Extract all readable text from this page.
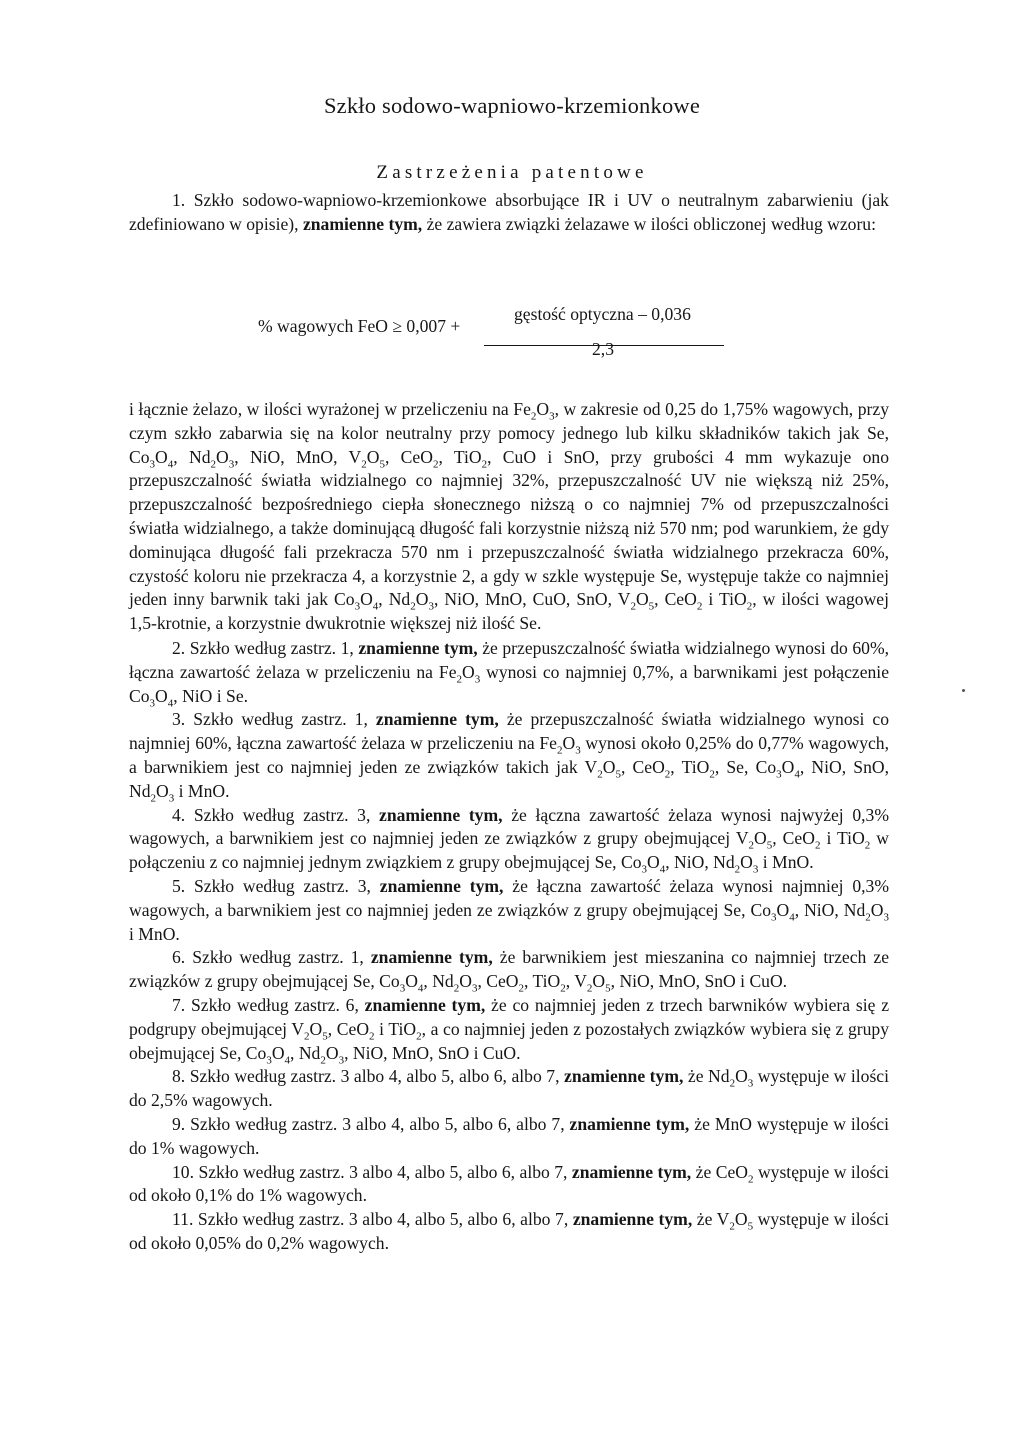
Szkło sodowo-wapniowo-krzemionkowe
Zastrzeżenia patentowe

1. Szkło sodowo-wapniowo-krzemionkowe absorbujące IR i UV o neutralnym zabarwieniu (jak zdefiniowano w opisie), znamienne tym, że zawiera związki żelazawe w ilości obliczonej według wzoru:

% wagowych FeO ≥ 0,007 +
gęstość optyczna – 0,036
2,3

i łącznie żelazo, w ilości wyrażonej w przeliczeniu na $Fe_2O_3$, w zakresie od 0,25 do 1,75% wagowych, przy czym szkło zabarwia się na kolor neutralny przy pomocy jednego lub kilku składników takich jak Se, $Co_3O_4$, $Nd_2O_3$, NiO, MnO, $V_2O_5$, CeO$_2$, TiO$_2$, CuO i SnO, przy grubości 4 mm wykazuje ono przepuszczalność światła widzialnego co najmniej 32%, przepuszczalność UV nie większą niż 25%, przepuszczalność bezpośredniego ciepła słonecznego niższą o co najmniej 7% od przepuszczalności światła widzialnego, a także dominującą długość fali korzystnie niższą niż 570 nm; pod warunkiem, że gdy dominująca długość fali przekracza 570 nm i przepuszczalność światła widzialnego przekracza 60%, czystość koloru nie przekracza 4, a korzystnie 2, a gdy w szkle występuje Se, występuje także co najmniej jeden inny barwnik taki jak $Co_3O_4$, $Nd_2O_3$, NiO, MnO, CuO, SnO, $V_2O_5$, CeO$_2$ i TiO$_2$, w ilości wagowej 1,5-krotnie, a korzystnie dwukrotnie większej niż ilość Se.

2. Szkło według zastrz. 1, znamienne tym, że przepuszczalność światła widzialnego wynosi do 60%, łączna zawartość żelaza w przeliczeniu na $Fe_2O_3$ wynosi co najmniej 0,7%, a barwnikami jest połączenie $Co_3O_4$, NiO i Se.

3. Szkło według zastrz. 1, znamienne tym, że przepuszczalność światła widzialnego wynosi co najmniej 60%, łączna zawartość żelaza w przeliczeniu na $Fe_2O_3$ wynosi około 0,25% do 0,77% wagowych, a barwnikiem jest co najmniej jeden ze związków takich jak $V_2O_5$, CeO$_2$, TiO$_2$, Se, $Co_3O_4$, NiO, SnO, $Nd_2O_3$ i MnO.

4. Szkło według zastrz. 3, znamienne tym, że łączna zawartość żelaza wynosi najwyżej 0,3% wagowych, a barwnikiem jest co najmniej jeden ze związków z grupy obejmującej $V_2O_5$, CeO$_2$ i TiO$_2$ w połączeniu z co najmniej jednym związkiem z grupy obejmującej Se, $Co_3O_4$, NiO, $Nd_2O_3$ i MnO.

5. Szkło według zastrz. 3, znamienne tym, że łączna zawartość żelaza wynosi najmniej 0,3% wagowych, a barwnikiem jest co najmniej jeden ze związków z grupy obejmującej Se, $Co_3O_4$, NiO, $Nd_2O_3$ i MnO.

6. Szkło według zastrz. 1, znamienne tym, że barwnikiem jest mieszanina co najmniej trzech ze związków z grupy obejmującej Se, $Co_3O_4$, $Nd_2O_3$, CeO$_2$, TiO$_2$, $V_2O_5$, NiO, MnO, SnO i CuO.

7. Szkło według zastrz. 6, znamienne tym, że co najmniej jeden z trzech barwników wybiera się z podgrupy obejmującej $V_2O_5$, CeO$_2$ i TiO$_2$, a co najmniej jeden z pozostałych związków wybiera się z grupy obejmującej Se, $Co_3O_4$, $Nd_2O_3$, NiO, MnO, SnO i CuO.

8. Szkło według zastrz. 3 albo 4, albo 5, albo 6, albo 7, znamienne tym, że $Nd_2O_3$ występuje w ilości do 2,5% wagowych.

9. Szkło według zastrz. 3 albo 4, albo 5, albo 6, albo 7, znamienne tym, że MnO występuje w ilości do 1% wagowych.

10. Szkło według zastrz. 3 albo 4, albo 5, albo 6, albo 7, znamienne tym, że CeO$_2$ występuje w ilości od około 0,1% do 1% wagowych.

11. Szkło według zastrz. 3 albo 4, albo 5, albo 6, albo 7, znamienne tym, że $V_2O_5$ występuje w ilości od około 0,05% do 0,2% wagowych.
